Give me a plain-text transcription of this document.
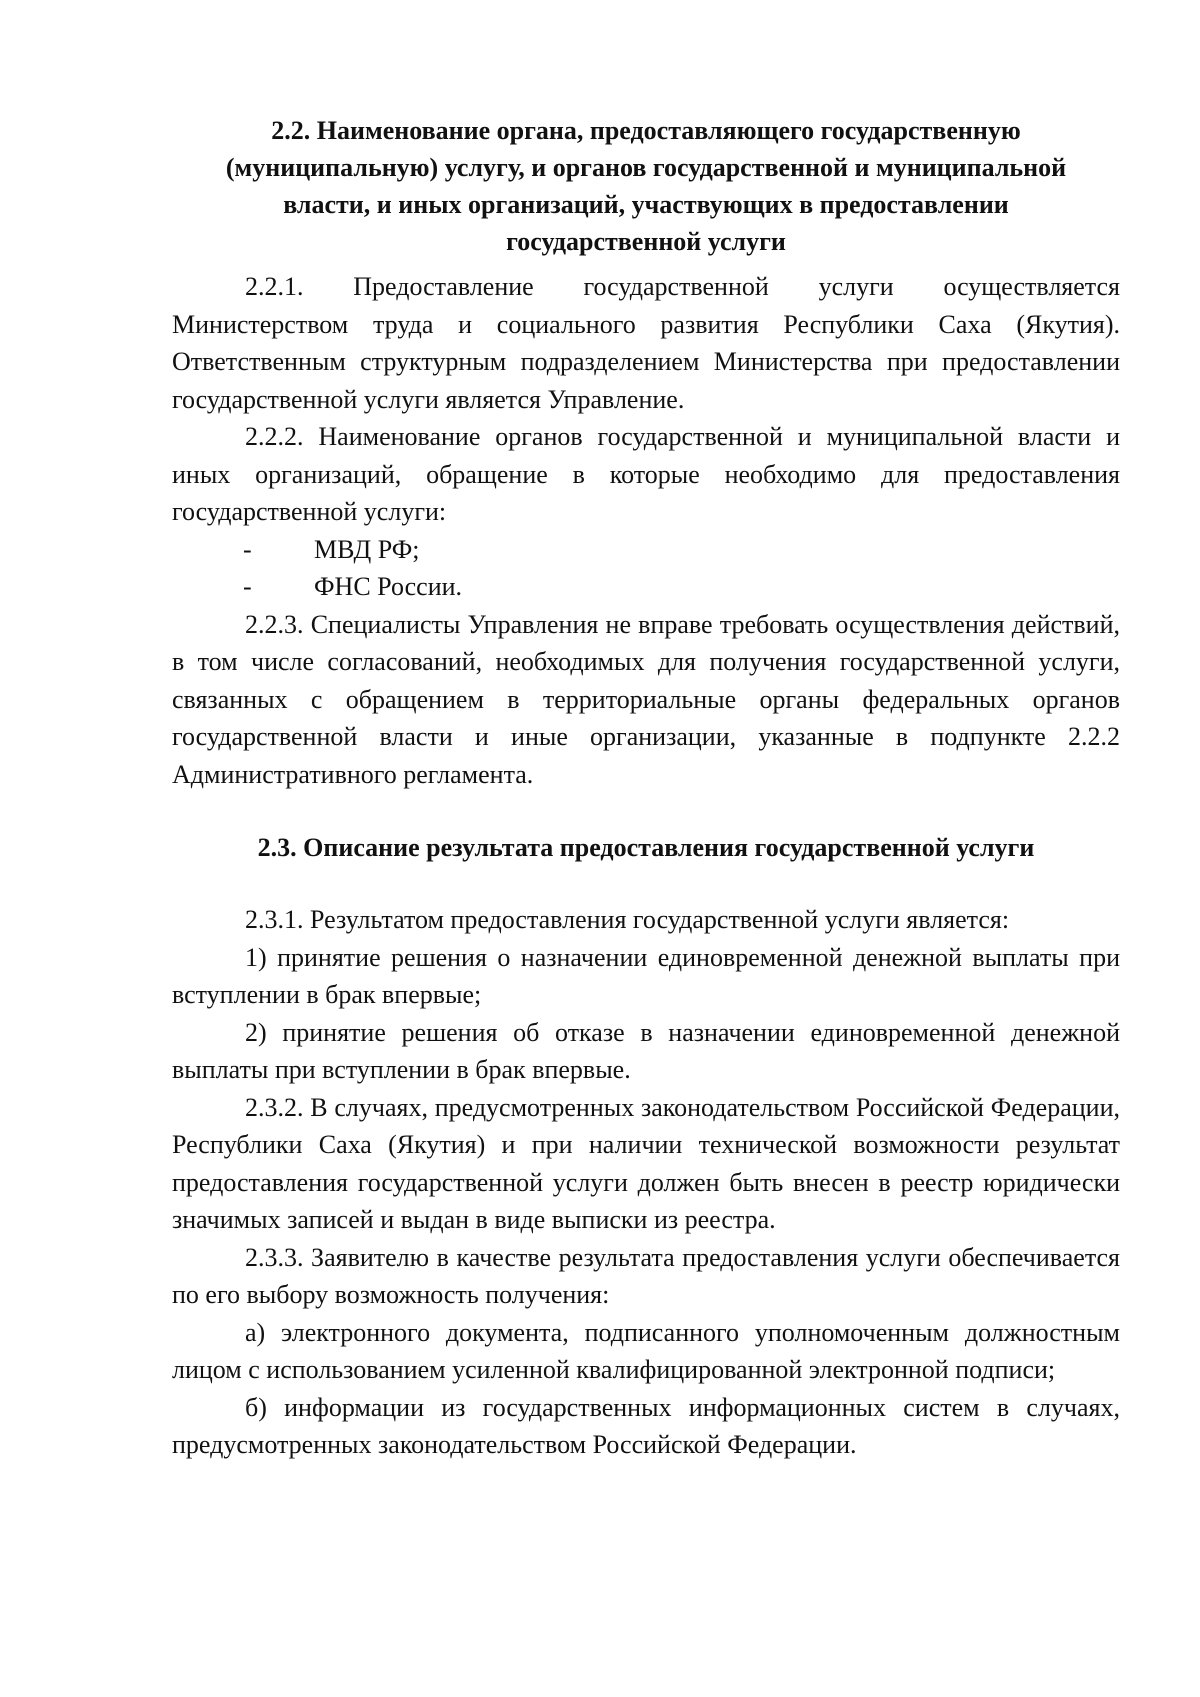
2.2. Наименование органа, предоставляющего государственную (муниципальную) услугу, и органов государственной и муниципальной власти, и иных организаций, участвующих в предоставлении государственной услуги

2.2.1. Предоставление государственной услуги осуществляется Министерством труда и социального развития Республики Саха (Якутия). Ответственным структурным подразделением Министерства при предоставлении государственной услуги является Управление.

2.2.2. Наименование органов государственной и муниципальной власти и иных организаций, обращение в которые необходимо для предоставления государственной услуги:

- МВД РФ;

- ФНС России.

2.2.3. Специалисты Управления не вправе требовать осуществления действий, в том числе согласований, необходимых для получения государственной услуги, связанных с обращением в территориальные органы федеральных органов государственной власти и иные организации, указанные в подпункте 2.2.2 Административного регламента.

2.3. Описание результата предоставления государственной услуги

2.3.1. Результатом предоставления государственной услуги является:

1) принятие решения о назначении единовременной денежной выплаты при вступлении в брак впервые;

2) принятие решения об отказе в назначении единовременной денежной выплаты при вступлении в брак впервые.

2.3.2. В случаях, предусмотренных законодательством Российской Федерации, Республики Саха (Якутия) и при наличии технической возможности результат предоставления государственной услуги должен быть внесен в реестр юридически значимых записей и выдан в виде выписки из реестра.

2.3.3. Заявителю в качестве результата предоставления услуги обеспечивается по его выбору возможность получения:

а) электронного документа, подписанного уполномоченным должностным лицом с использованием усиленной квалифицированной электронной подписи;

б) информации из государственных информационных систем в случаях, предусмотренных законодательством Российской Федерации.
